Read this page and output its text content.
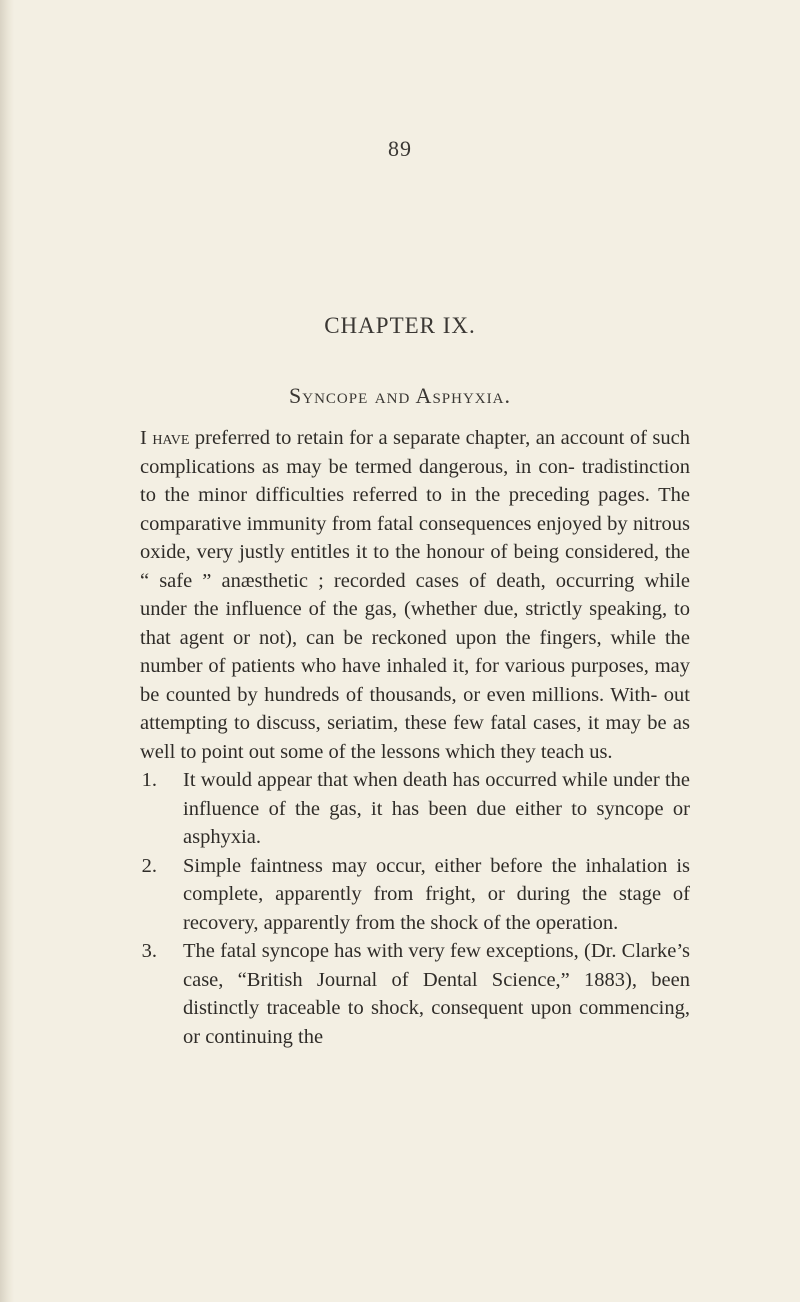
89
CHAPTER IX.
Syncope and Asphyxia.

I have preferred to retain for a separate chapter, an account of such complications as may be termed dangerous, in con- tradistinction to the minor difficulties referred to in the preceding pages. The comparative immunity from fatal consequences enjoyed by nitrous oxide, very justly entitles it to the honour of being considered, the “ safe ” anæsthetic ; recorded cases of death, occurring while under the influence of the gas, (whether due, strictly speaking, to that agent or not), can be reckoned upon the fingers, while the number of patients who have inhaled it, for various purposes, may be counted by hundreds of thousands, or even millions. With- out attempting to discuss, seriatim, these few fatal cases, it may be as well to point out some of the lessons which they teach us.

1.	It would appear that when death has occurred while under the influence of the gas, it has been due either to syncope or asphyxia.
2.	Simple faintness may occur, either before the inhalation is complete, apparently from fright, or during the stage of recovery, apparently from the shock of the operation.
3.	The fatal syncope has with very few exceptions, (Dr. Clarke’s case, “British Journal of Dental Science,” 1883), been distinctly traceable to shock, consequent upon commencing, or continuing the
